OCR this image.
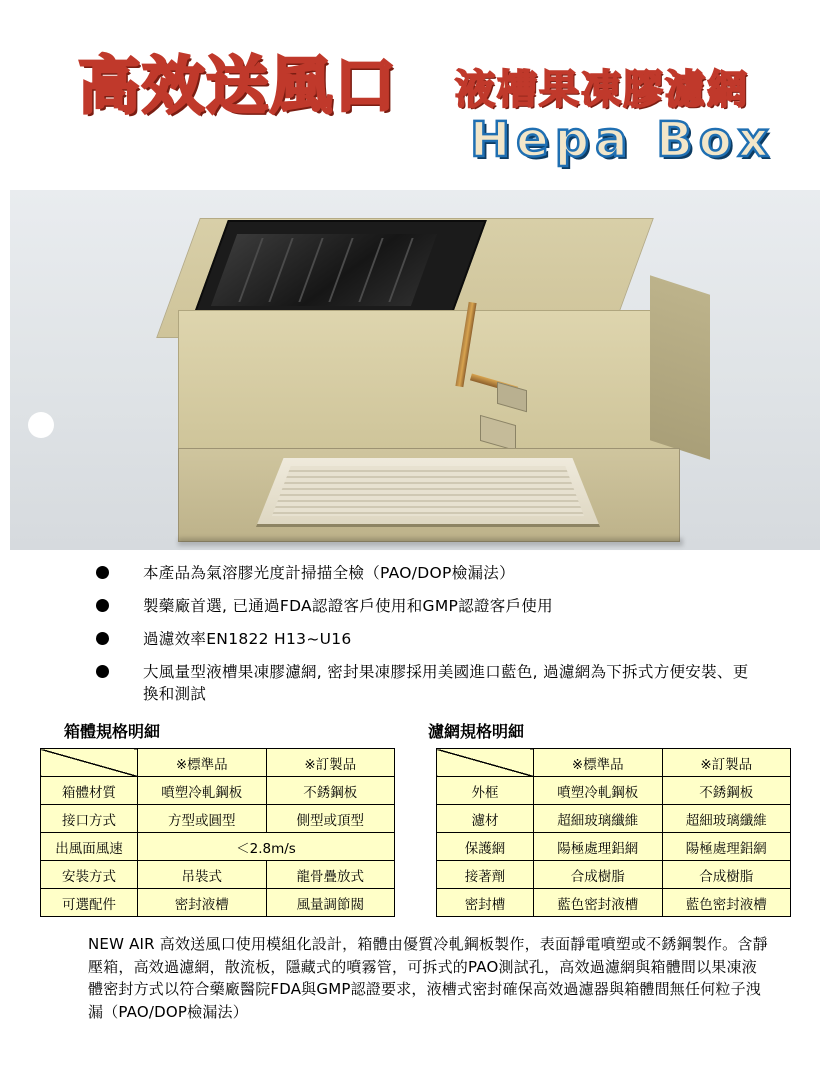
高效送風口 液槽果凍膠濾網
Hepa Box
本產品為氣溶膠光度計掃描全檢（PAO/DOP檢漏法）
製藥廠首選, 已通過FDA認證客戶使用和GMP認證客戶使用
過濾效率EN1822 H13~U16
大風量型液槽果凍膠濾網, 密封果凍膠採用美國進口藍色, 過濾網為下拆式方便安裝、更換和測試
箱體規格明細
	※標準品	※訂製品
箱體材質	噴塑冷軋鋼板	不銹鋼板
接口方式	方型或圓型	側型或頂型
出風面風速	＜2.8m/s	
安裝方式	吊裝式	龍骨疊放式
可選配件	密封液槽	風量調節閥
濾網規格明細
	※標準品	※訂製品
外框	噴塑冷軋鋼板	不銹鋼板
濾材	超細玻璃纖維	超細玻璃纖維
保護網	陽極處理鋁網	陽極處理鋁網
接著劑	合成樹脂	合成樹脂
密封槽	藍色密封液槽	藍色密封液槽
NEW AIR 高效送風口使用模組化設計，箱體由優質冷軋鋼板製作，表面靜電噴塑或不銹鋼製作。含靜壓箱，高效過濾網，散流板，隱藏式的噴霧管，可拆式的PAO測試孔，高效過濾網與箱體間以果凍液體密封方式以符合藥廠醫院FDA與GMP認證要求，液槽式密封確保高效過濾器與箱體間無任何粒子洩漏（PAO/DOP檢漏法）
